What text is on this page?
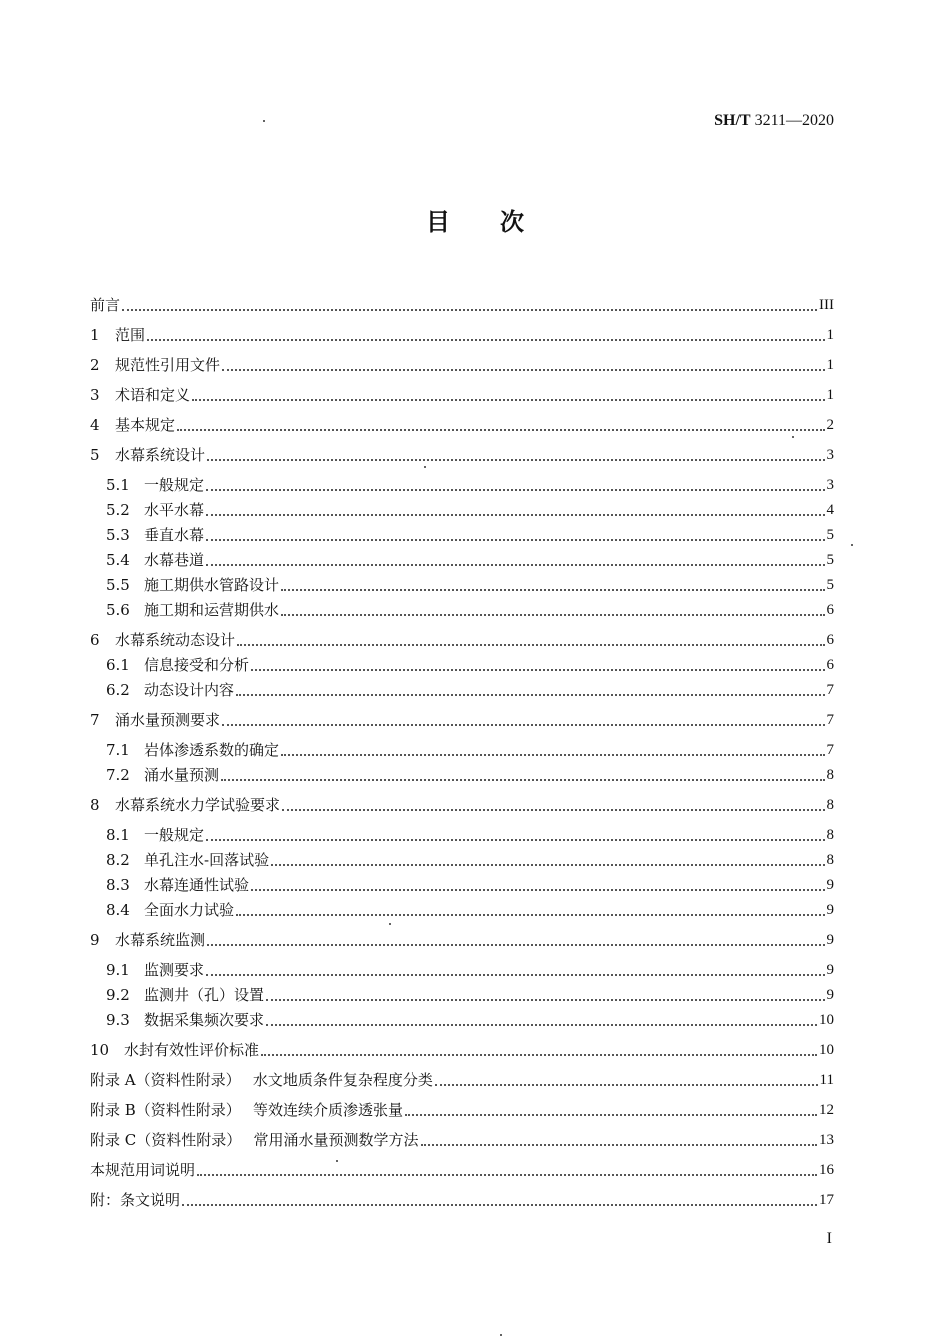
SH/T 3211—2020
目次
前言	III
1	范围	1
2	规范性引用文件	1
3	术语和定义	1
4	基本规定	2
5	水幕系统设计	3
5.1 一般规定	3
5.2 水平水幕	4
5.3 垂直水幕	5
5.4 水幕巷道	5
5.5 施工期供水管路设计	5
5.6 施工期和运营期供水	6
6	水幕系统动态设计	6
6.1 信息接受和分析	6
6.2 动态设计内容	7
7	涌水量预测要求	7
7.1 岩体渗透系数的确定	7
7.2 涌水量预测	8
8	水幕系统水力学试验要求	8
8.1 一般规定	8
8.2 单孔注水-回落试验	8
8.3 水幕连通性试验	9
8.4 全面水力试验	9
9	水幕系统监测	9
9.1 监测要求	9
9.2 监测井（孔）设置	9
9.3 数据采集频次要求	10
10 水封有效性评价标准	10
附录 A（资料性附录）　 水文地质条件复杂程度分类	11
附录 B（资料性附录）　 等效连续介质渗透张量	12
附录 C（资料性附录）　 常用涌水量预测数学方法	13
本规范用词说明	16
附：条文说明	17
I
